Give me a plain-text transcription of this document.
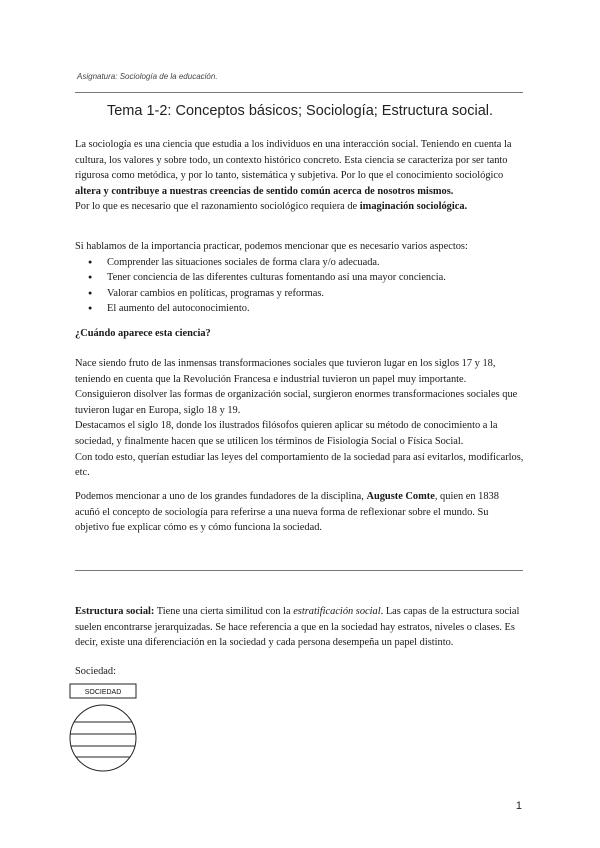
Asignatura: Sociología de la educación.
Tema 1-2: Conceptos básicos; Sociología; Estructura social.

La sociología es una ciencia que estudia a los individuos en una interacción social. Teniendo en cuenta la cultura, los valores y sobre todo, un contexto histórico concreto. Esta ciencia se caracteriza por ser tanto rigurosa como metódica, y por lo tanto, sistemática y subjetiva. Por lo que el conocimiento sociológico altera y contribuye a nuestras creencias de sentido común acerca de nosotros mismos.

Por lo que es necesario que el razonamiento sociológico requiera de imaginación sociológica.

Si hablamos de la importancia practicar, podemos mencionar que es necesario varios aspectos:

● Comprender las situaciones sociales de forma clara y/o adecuada.
● Tener conciencia de las diferentes culturas fomentando así una mayor conciencia.
● Valorar cambios en políticas, programas y reformas.
● El aumento del autoconocimiento.
¿Cuándo aparece esta ciencia?

Nace siendo fruto de las inmensas transformaciones sociales que tuvieron lugar en los siglos 17 y 18, teniendo en cuenta que la Revolución Francesa e industrial tuvieron un papel muy importante.

Consiguieron disolver las formas de organización social, surgieron enormes transformaciones sociales que tuvieron lugar en Europa, siglo 18 y 19.

Destacamos el siglo 18, donde los ilustrados filósofos quieren aplicar su método de conocimiento a la sociedad, y finalmente hacen que se utilicen los términos de Fisiología Social o Física Social.

Con todo esto, querían estudiar las leyes del comportamiento de la sociedad para así evitarlos, modificarlos, etc.

Podemos mencionar a uno de los grandes fundadores de la disciplina, Auguste Comte, quien en 1838 acuñó el concepto de sociología para referirse a una nueva forma de reflexionar sobre el mundo. Su objetivo fue explicar cómo es y cómo funciona la sociedad.

Estructura social: Tiene una cierta similitud con la estratificación social. Las capas de la estructura social suelen encontrarse jerarquizadas. Se hace referencia a que en la sociedad hay estratos, niveles o clases. Es decir, existe una diferenciación en la sociedad y cada persona desempeña un papel distinto.

Sociedad:
SOCIEDAD
1
